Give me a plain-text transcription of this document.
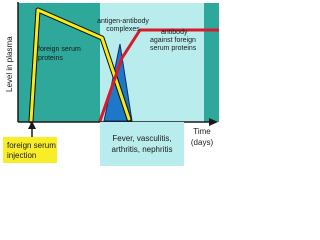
Level in plasma	foreign serum
proteins
antigen-antibody
complexes	antibody
against foreign
serum proteins
Time
(days)
foreign serum
injection
Fever, vasculitis,
arthritis, nephritis
